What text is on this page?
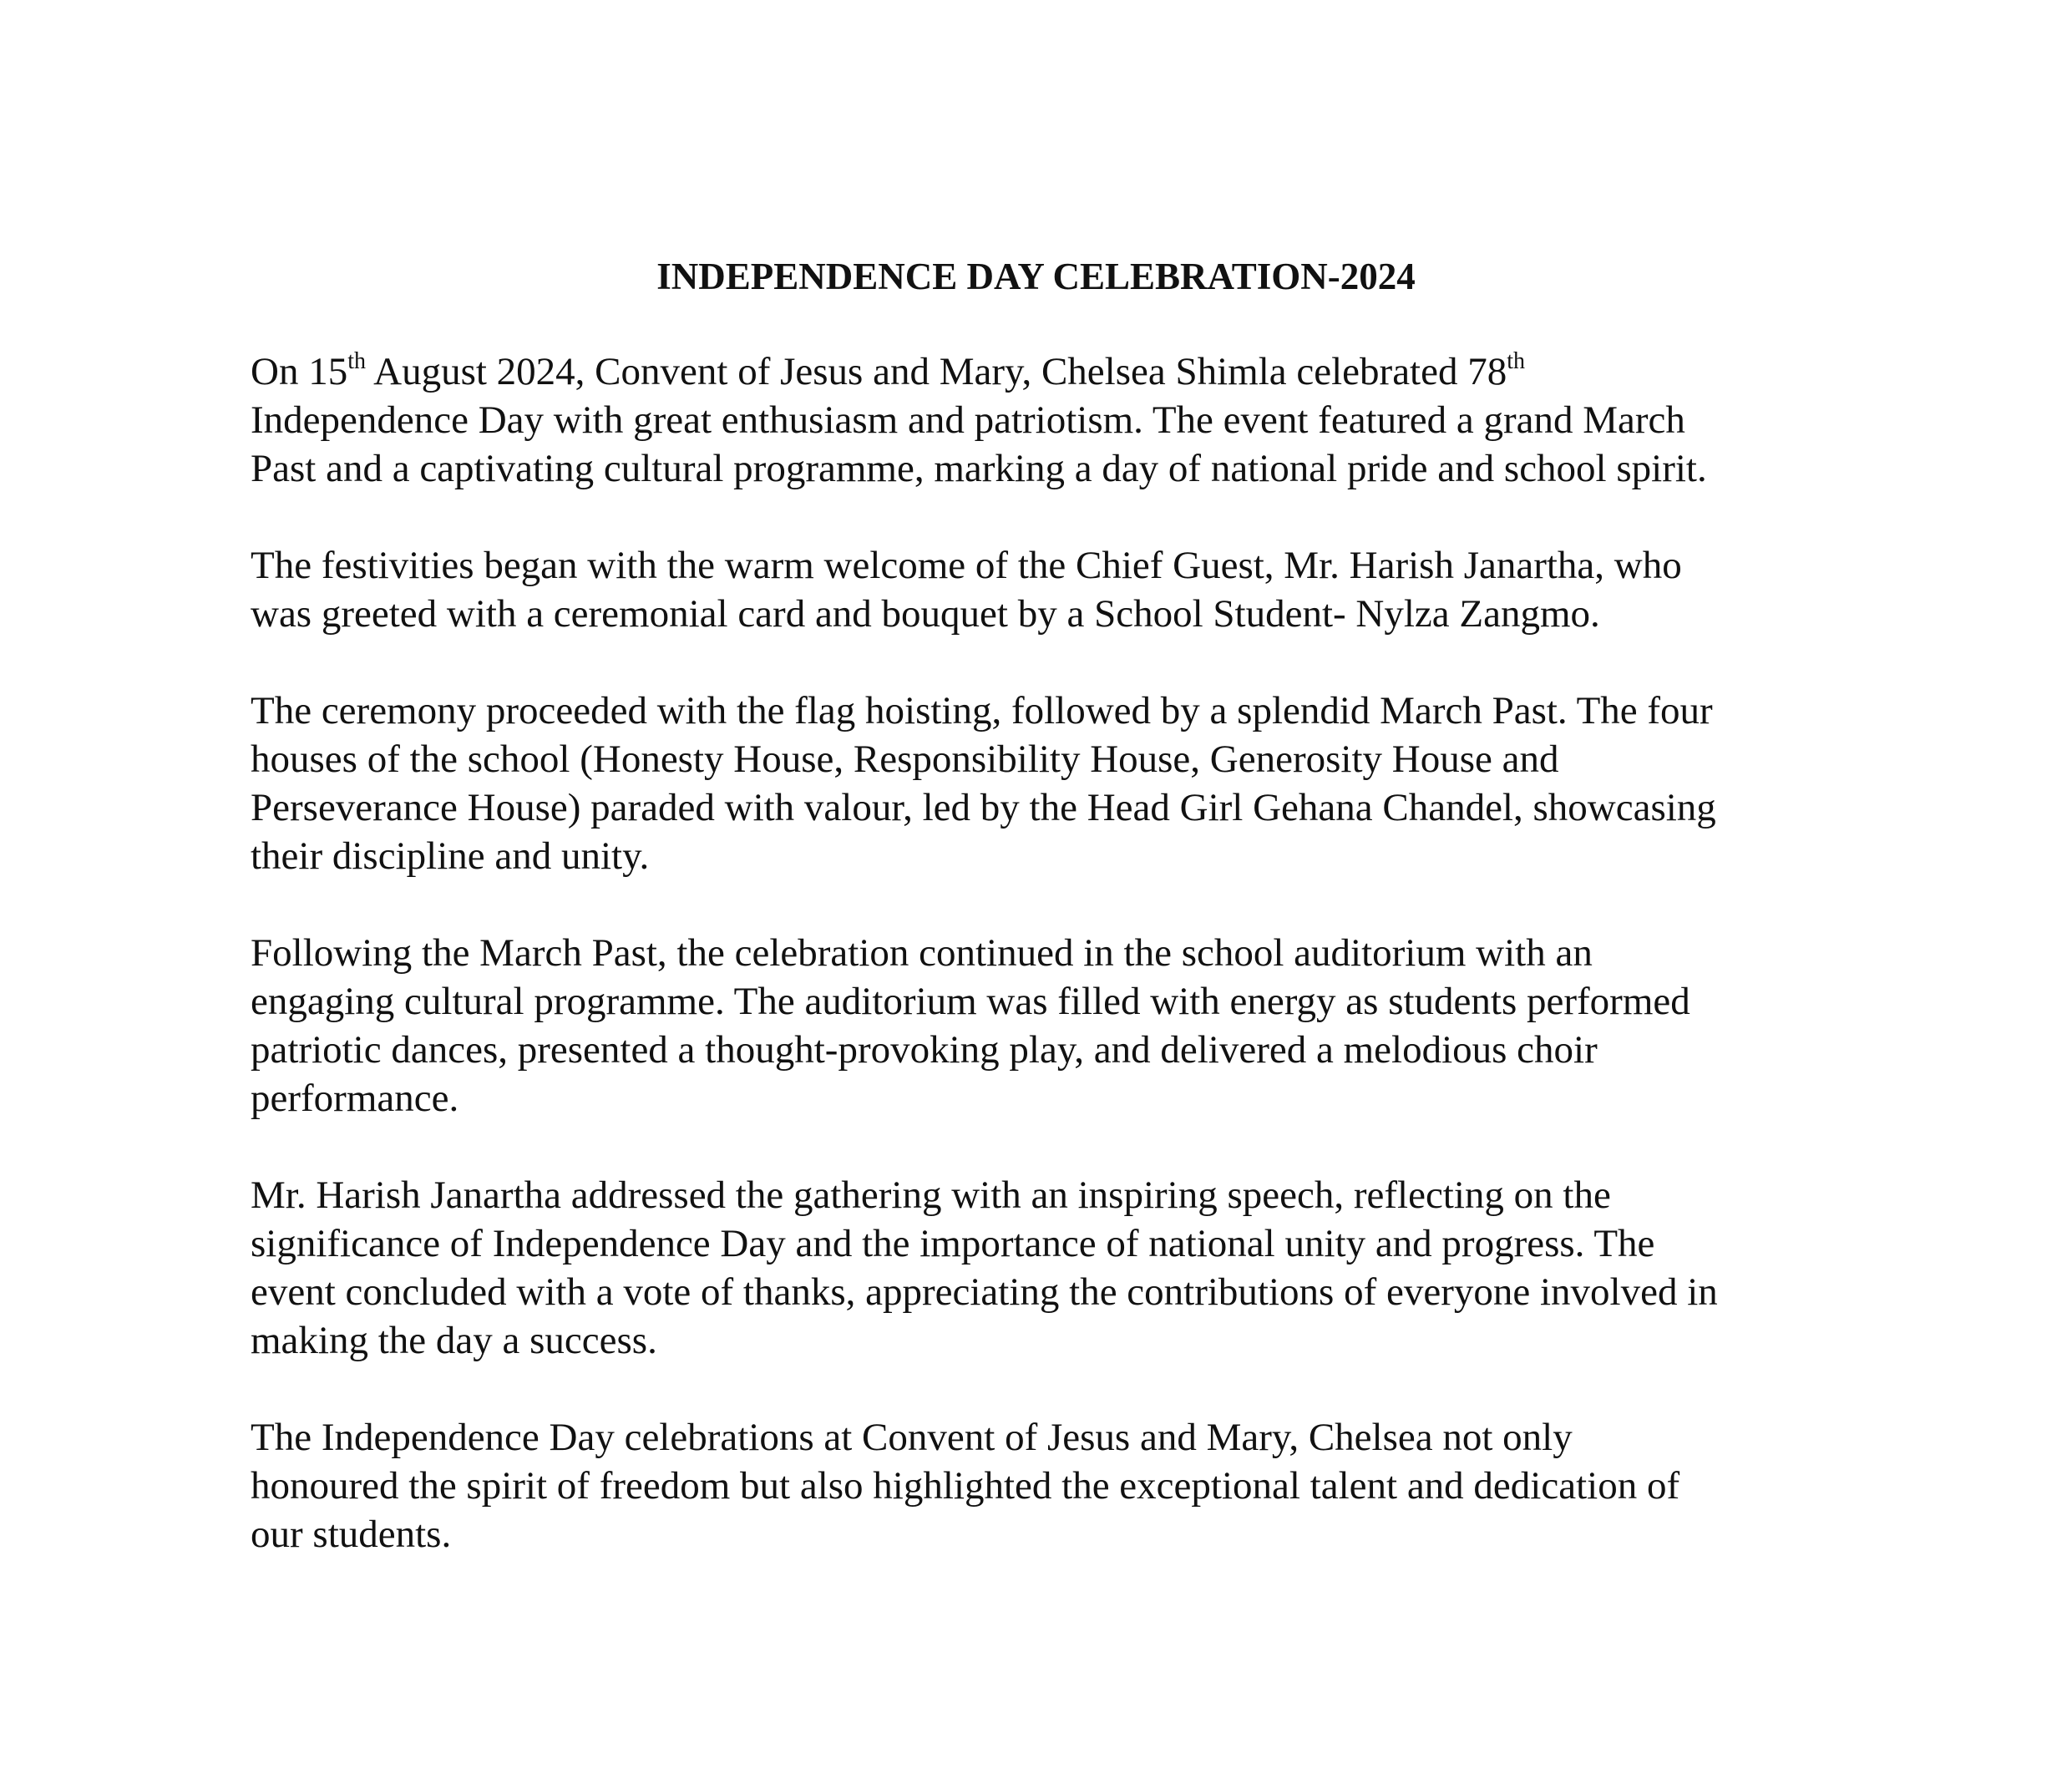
INDEPENDENCE DAY CELEBRATION-2024

On 15th August 2024, Convent of Jesus and Mary, Chelsea Shimla celebrated 78th
Independence Day with great enthusiasm and patriotism. The event featured a grand March
Past and a captivating cultural programme, marking a day of national pride and school spirit.

The festivities began with the warm welcome of the Chief Guest, Mr. Harish Janartha, who
was greeted with a ceremonial card and bouquet by a School Student- Nylza Zangmo.

The ceremony proceeded with the flag hoisting, followed by a splendid March Past. The four
houses of the school (Honesty House, Responsibility House, Generosity House and
Perseverance House) paraded with valour, led by the Head Girl Gehana Chandel, showcasing
their discipline and unity.

Following the March Past, the celebration continued in the school auditorium with an
engaging cultural programme. The auditorium was filled with energy as students performed
patriotic dances, presented a thought-provoking play, and delivered a melodious choir
performance.

Mr. Harish Janartha addressed the gathering with an inspiring speech, reflecting on the
significance of Independence Day and the importance of national unity and progress. The
event concluded with a vote of thanks, appreciating the contributions of everyone involved in
making the day a success.

The Independence Day celebrations at Convent of Jesus and Mary, Chelsea not only
honoured the spirit of freedom but also highlighted the exceptional talent and dedication of
our students.
